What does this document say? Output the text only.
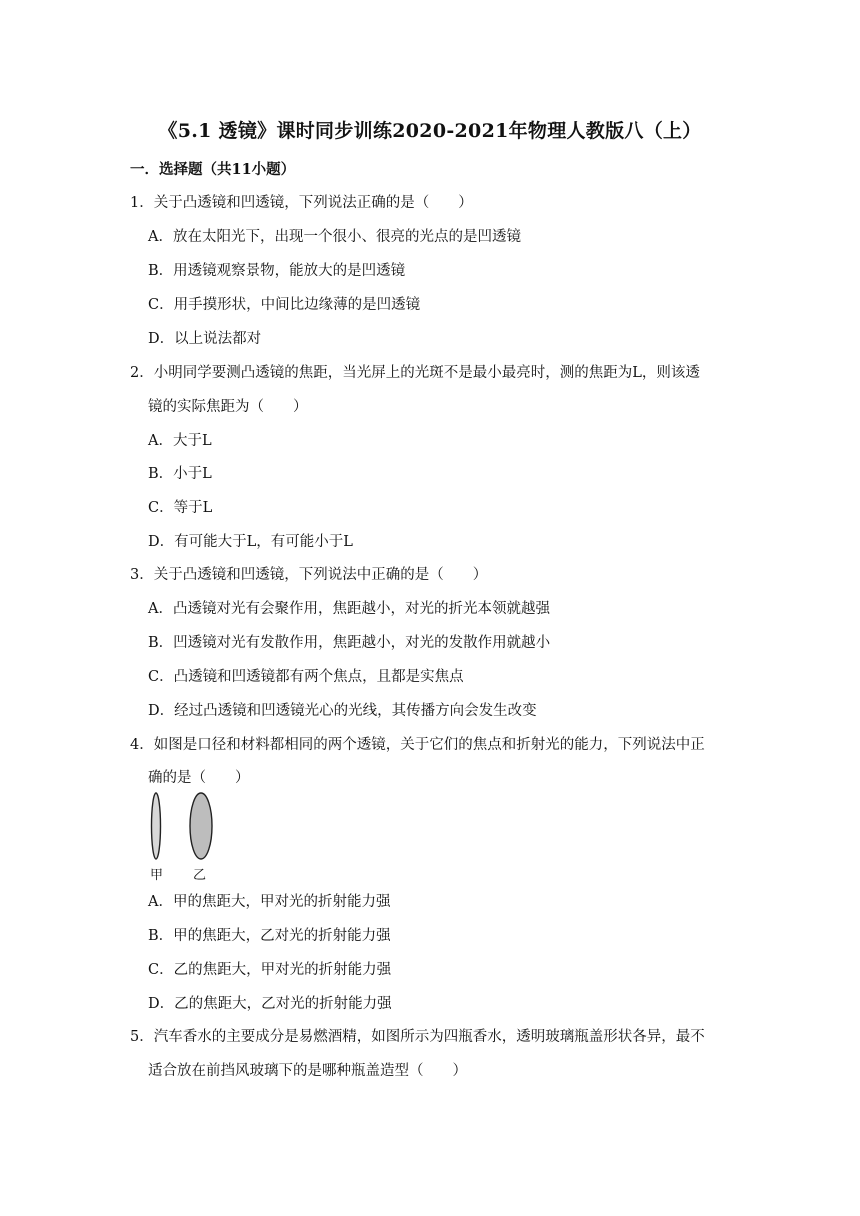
《5.1 透镜》课时同步训练2020-2021年物理人教版八（上）
一．选择题（共11小题）
1．关于凸透镜和凹透镜，下列说法正确的是（　　）
A．放在太阳光下，出现一个很小、很亮的光点的是凹透镜
B．用透镜观察景物，能放大的是凹透镜
C．用手摸形状，中间比边缘薄的是凹透镜
D．以上说法都对
2．小明同学要测凸透镜的焦距，当光屏上的光斑不是最小最亮时，测的焦距为L，则该透
镜的实际焦距为（　　）
A．大于L
B．小于L
C．等于L
D．有可能大于L，有可能小于L
3．关于凸透镜和凹透镜，下列说法中正确的是（　　）
A．凸透镜对光有会聚作用，焦距越小，对光的折光本领就越强
B．凹透镜对光有发散作用，焦距越小，对光的发散作用就越小
C．凸透镜和凹透镜都有两个焦点，且都是实焦点
D．经过凸透镜和凹透镜光心的光线，其传播方向会发生改变
4．如图是口径和材料都相同的两个透镜，关于它们的焦点和折射光的能力，下列说法中正
确的是（　　）
甲 乙
A．甲的焦距大，甲对光的折射能力强
B．甲的焦距大，乙对光的折射能力强
C．乙的焦距大，甲对光的折射能力强
D．乙的焦距大，乙对光的折射能力强
5．汽车香水的主要成分是易燃酒精，如图所示为四瓶香水，透明玻璃瓶盖形状各异，最不
适合放在前挡风玻璃下的是哪种瓶盖造型（　　）
